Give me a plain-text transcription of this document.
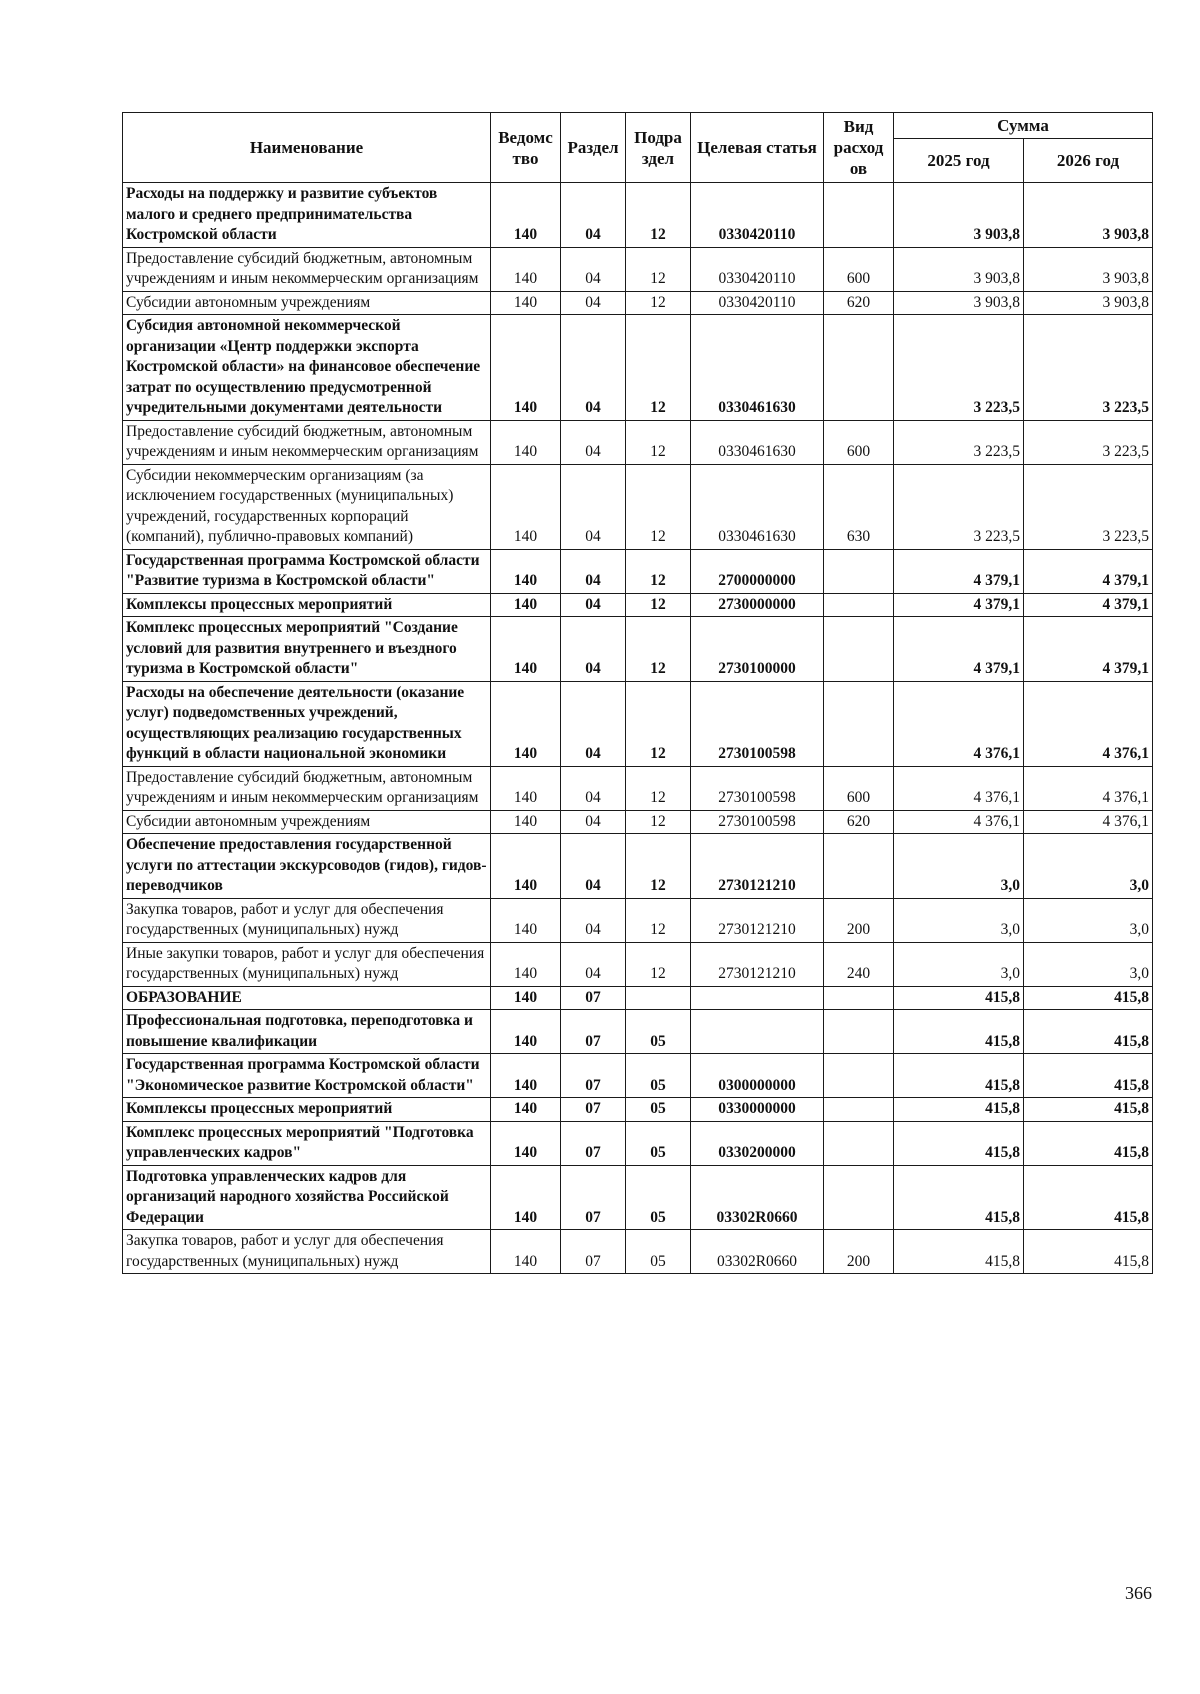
Наименование	Ведомс тво	Раздел	Подра здел	Целевая статья	Вид расход ов	Сумма	
						2025 год	2026 год
Расходы на поддержку и развитие субъектов малого и среднего предпринимательства Костромской области	140	04	12	0330420110		3 903,8	3 903,8
Предоставление субсидий бюджетным, автономным учреждениям и иным некоммерческим организациям	140	04	12	0330420110	600	3 903,8	3 903,8
Субсидии автономным учреждениям	140	04	12	0330420110	620	3 903,8	3 903,8
Субсидия автономной некоммерческой организации «Центр поддержки экспорта Костромской области» на финансовое обеспечение затрат по осуществлению предусмотренной учредительными документами деятельности	140	04	12	0330461630		3 223,5	3 223,5
Предоставление субсидий бюджетным, автономным учреждениям и иным некоммерческим организациям	140	04	12	0330461630	600	3 223,5	3 223,5
Субсидии некоммерческим организациям (за исключением государственных (муниципальных) учреждений, государственных корпораций (компаний), публично-правовых компаний)	140	04	12	0330461630	630	3 223,5	3 223,5
Государственная программа Костромской области "Развитие туризма в Костромской области"	140	04	12	2700000000		4 379,1	4 379,1
Комплексы процессных мероприятий	140	04	12	2730000000		4 379,1	4 379,1
Комплекс процессных мероприятий "Создание условий для развития внутреннего и въездного туризма в Костромской области"	140	04	12	2730100000		4 379,1	4 379,1
Расходы на обеспечение деятельности (оказание услуг) подведомственных учреждений, осуществляющих реализацию государственных функций в области национальной экономики	140	04	12	2730100598		4 376,1	4 376,1
Предоставление субсидий бюджетным, автономным учреждениям и иным некоммерческим организациям	140	04	12	2730100598	600	4 376,1	4 376,1
Субсидии автономным учреждениям	140	04	12	2730100598	620	4 376,1	4 376,1
Обеспечение предоставления государственной услуги по аттестации экскурсоводов (гидов), гидов-переводчиков	140	04	12	2730121210		3,0	3,0
Закупка товаров, работ и услуг для обеспечения государственных (муниципальных) нужд	140	04	12	2730121210	200	3,0	3,0
Иные закупки товаров, работ и услуг для обеспечения государственных (муниципальных) нужд	140	04	12	2730121210	240	3,0	3,0
ОБРАЗОВАНИЕ	140	07				415,8	415,8
Профессиональная подготовка, переподготовка и повышение квалификации	140	07	05			415,8	415,8
Государственная программа Костромской области "Экономическое развитие Костромской области"	140	07	05	0300000000		415,8	415,8
Комплексы процессных мероприятий	140	07	05	0330000000		415,8	415,8
Комплекс процессных мероприятий "Подготовка управленческих кадров"	140	07	05	0330200000		415,8	415,8
Подготовка управленческих кадров для организаций народного хозяйства Российской Федерации	140	07	05	03302R0660		415,8	415,8
Закупка товаров, работ и услуг для обеспечения государственных (муниципальных) нужд	140	07	05	03302R0660	200	415,8	415,8
366
